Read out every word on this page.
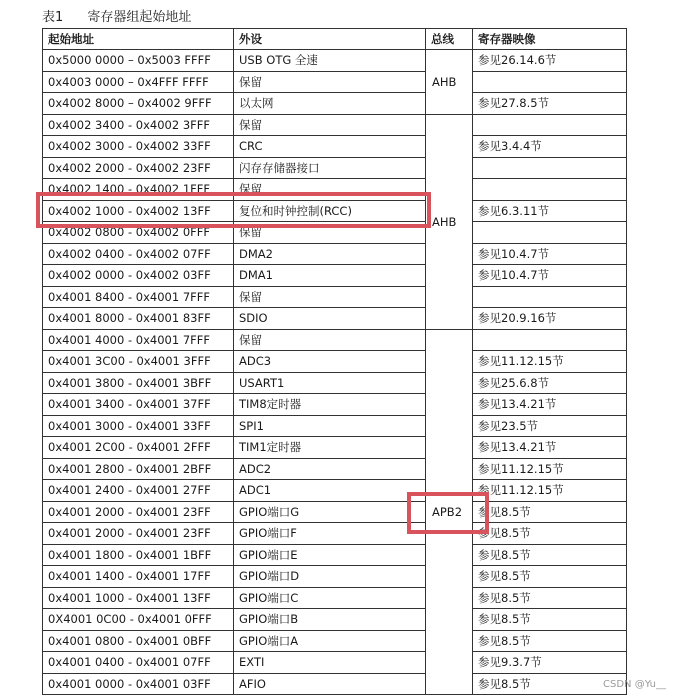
表1 寄存器组起始地址
起始地址	外设	总线	寄存器映像
0x5000 0000 – 0x5003 FFFF	USB OTG 全速	AHB	参见26.14.6节
0x4003 0000 – 0x4FFF FFFF	保留		
0x4002 8000 – 0x4002 9FFF	以太网		参见27.8.5节
0x4002 3400 - 0x4002 3FFF	保留	AHB	
0x4002 3000 - 0x4002 33FF	CRC		参见3.4.4节
0x4002 2000 - 0x4002 23FF	闪存存储器接口		
0x4002 1400 - 0x4002 1FFF	保留		
0x4002 1000 - 0x4002 13FF	复位和时钟控制(RCC)		参见6.3.11节
0x4002 0800 - 0x4002 0FFF	保留		
0x4002 0400 - 0x4002 07FF	DMA2		参见10.4.7节
0x4002 0000 - 0x4002 03FF	DMA1		参见10.4.7节
0x4001 8400 - 0x4001 7FFF	保留		
0x4001 8000 - 0x4001 83FF	SDIO		参见20.9.16节
0x4001 4000 - 0x4001 7FFF	保留	APB2	
0x4001 3C00 - 0x4001 3FFF	ADC3		参见11.12.15节
0x4001 3800 - 0x4001 3BFF	USART1		参见25.6.8节
0x4001 3400 - 0x4001 37FF	TIM8定时器		参见13.4.21节
0x4001 3000 - 0x4001 33FF	SPI1		参见23.5节
0x4001 2C00 - 0x4001 2FFF	TIM1定时器		参见13.4.21节
0x4001 2800 - 0x4001 2BFF	ADC2		参见11.12.15节
0x4001 2400 - 0x4001 27FF	ADC1		参见11.12.15节
0x4001 2000 - 0x4001 23FF	GPIO端口G		参见8.5节
0x4001 2000 - 0x4001 23FF	GPIO端口F		参见8.5节
0x4001 1800 - 0x4001 1BFF	GPIO端口E		参见8.5节
0x4001 1400 - 0x4001 17FF	GPIO端口D		参见8.5节
0x4001 1000 - 0x4001 13FF	GPIO端口C		参见8.5节
0X4001 0C00 - 0x4001 0FFF	GPIO端口B		参见8.5节
0x4001 0800 - 0x4001 0BFF	GPIO端口A		参见8.5节
0x4001 0400 - 0x4001 07FF	EXTI		参见9.3.7节
0x4001 0000 - 0x4001 03FF	AFIO		参见8.5节	CSDN @Yu__
